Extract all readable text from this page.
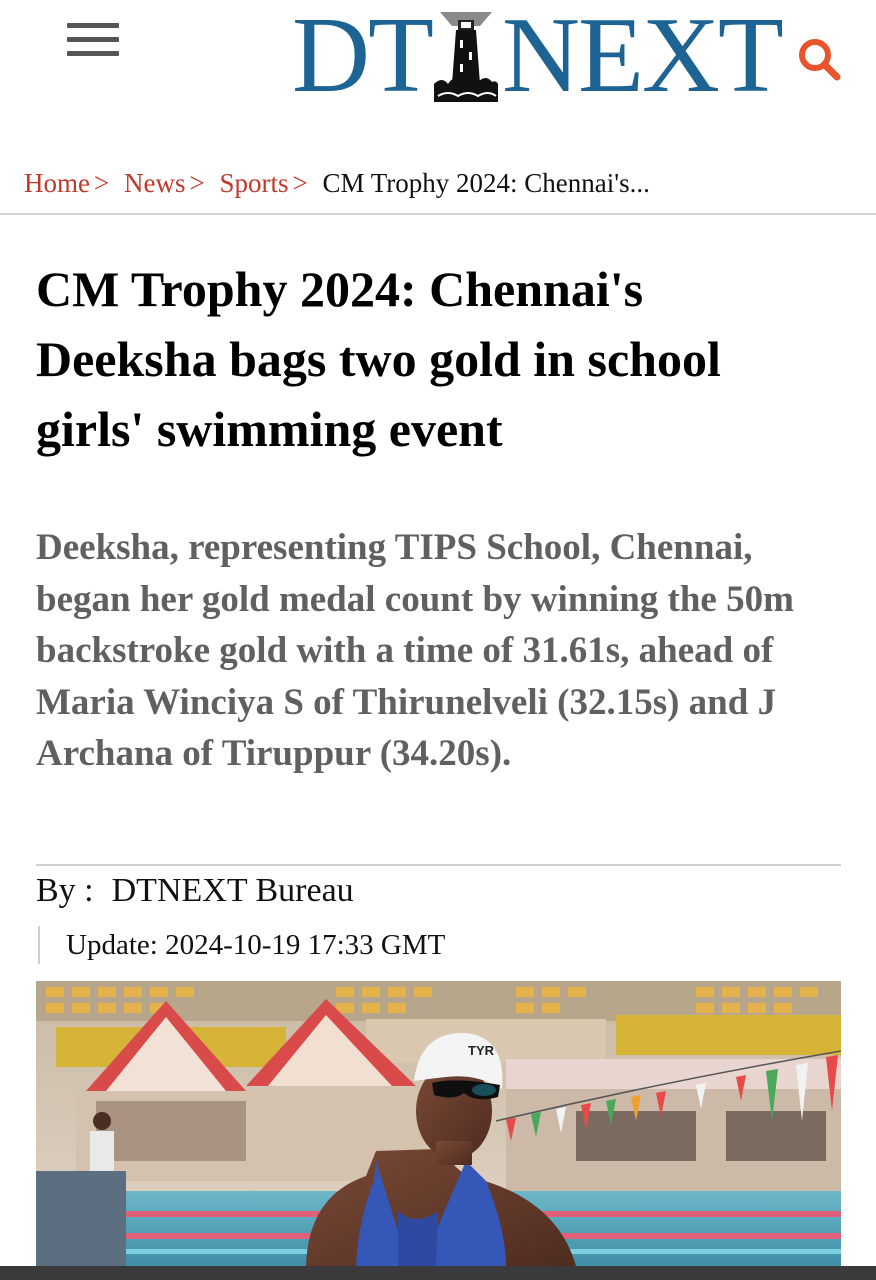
DT NEXT
Home > News > Sports > CM Trophy 2024: Chennai's...
CM Trophy 2024: Chennai's Deeksha bags two gold in school girls' swimming event

Deeksha, representing TIPS School, Chennai, began her gold medal count by winning the 50m backstroke gold with a time of 31.61s, ahead of Maria Winciya S of Thirunelveli (32.15s) and J Archana of Tiruppur (34.20s).

By : DTNEXT Bureau
Update: 2024-10-19 17:33 GMT
TYR
